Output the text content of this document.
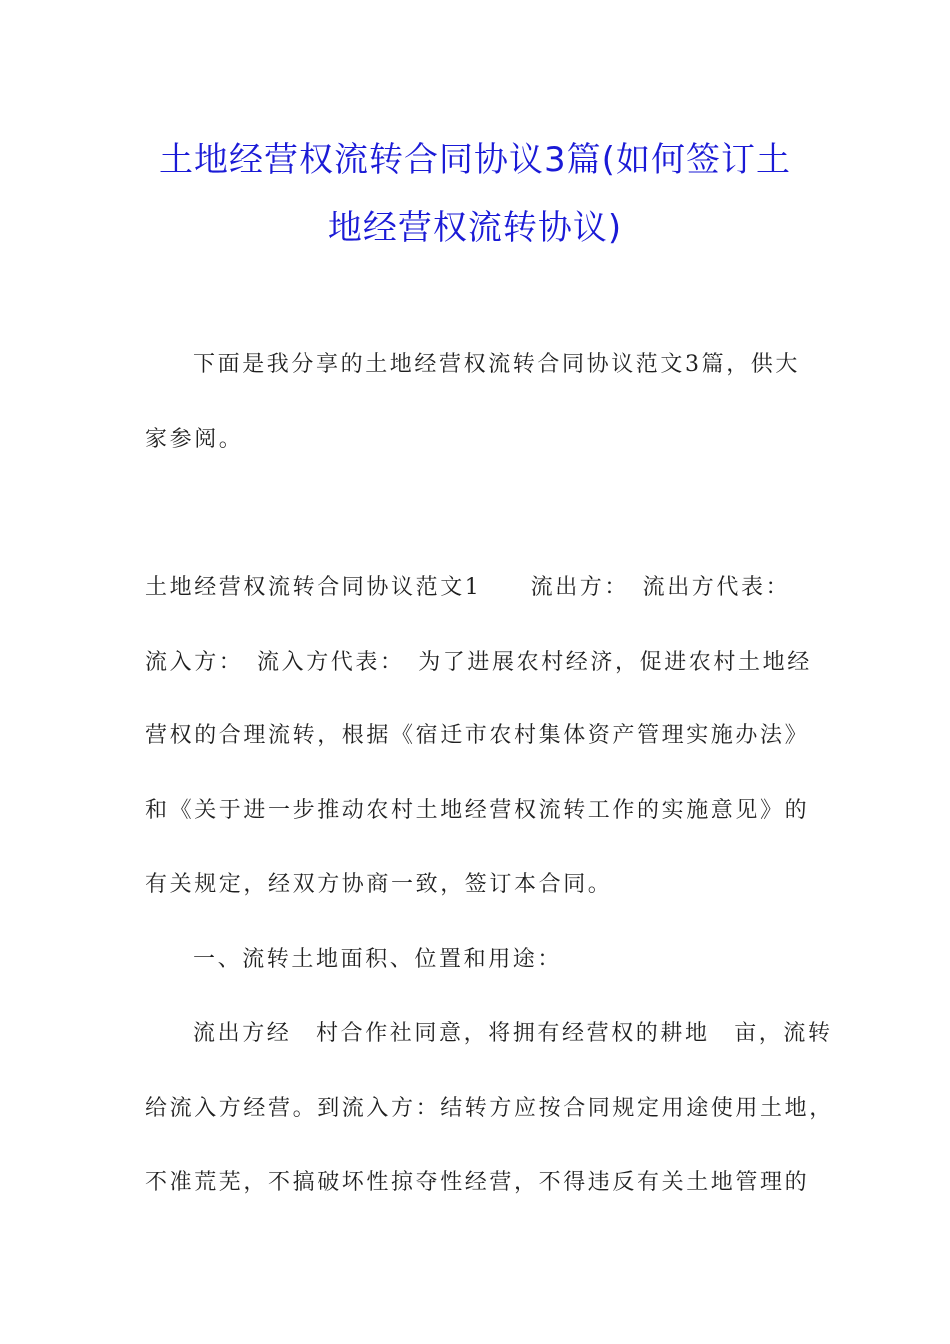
土地经营权流转合同协议3篇(如何签订土
地经营权流转协议)
下面是我分享的土地经营权流转合同协议范文3篇，供大
家参阅。
土地经营权流转合同协议范文1　　流出方：　流出方代表：
流入方：　流入方代表：　为了进展农村经济，促进农村土地经
营权的合理流转，根据《宿迁市农村集体资产管理实施办法》
和《关于进一步推动农村土地经营权流转工作的实施意见》的
有关规定，经双方协商一致，签订本合同。
一、流转土地面积、位置和用途：
流出方经　村合作社同意，将拥有经营权的耕地　亩，流转
给流入方经营。到流入方：结转方应按合同规定用途使用土地，
不准荒芜，不搞破坏性掠夺性经营，不得违反有关土地管理的
